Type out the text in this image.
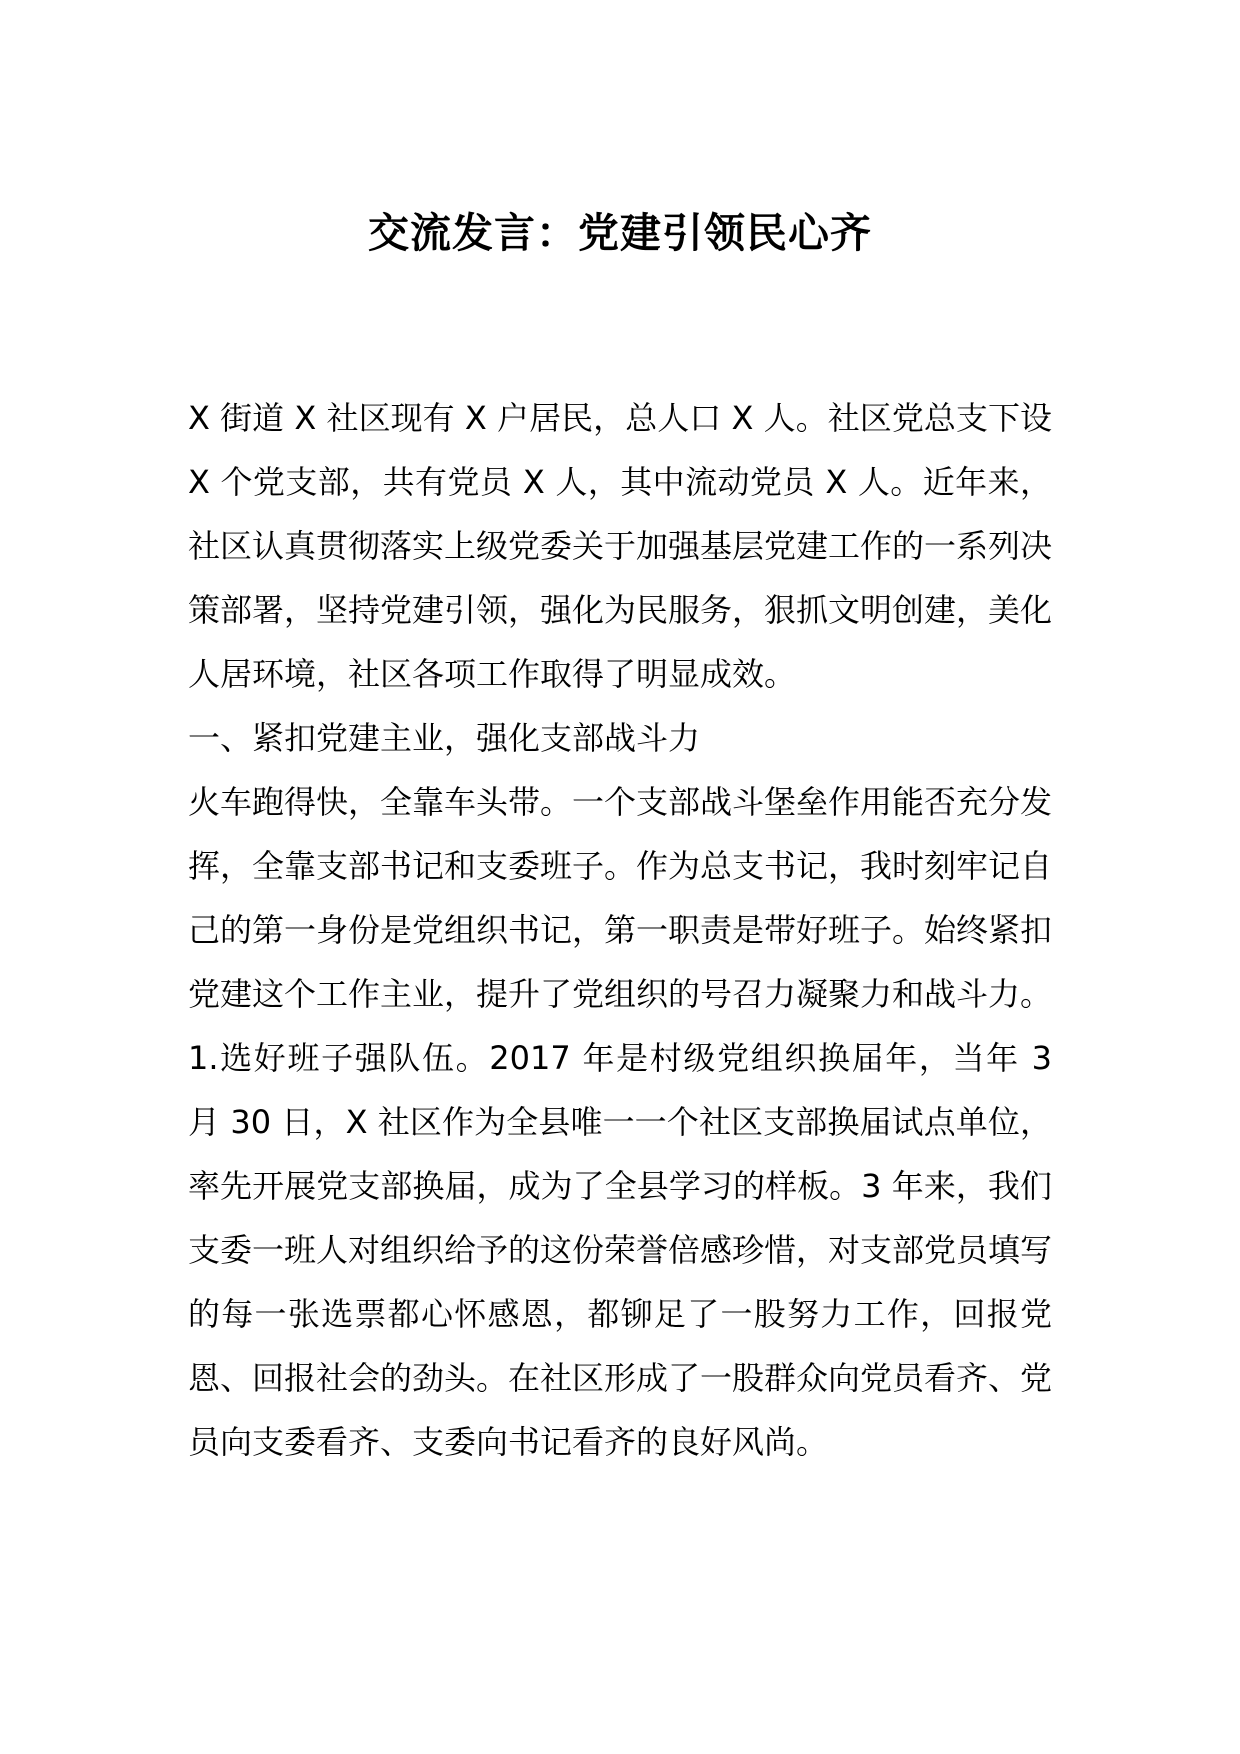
交流发言：党建引领民心齐

X 街道 X 社区现有 X 户居民，总人口 X 人。社区党总支下设 X 个党支部，共有党员 X 人，其中流动党员 X 人。近年来，社区认真贯彻落实上级党委关于加强基层党建工作的一系列决策部署，坚持党建引领，强化为民服务，狠抓文明创建，美化人居环境，社区各项工作取得了明显成效。

一、紧扣党建主业，强化支部战斗力

火车跑得快，全靠车头带。一个支部战斗堡垒作用能否充分发挥，全靠支部书记和支委班子。作为总支书记，我时刻牢记自己的第一身份是党组织书记，第一职责是带好班子。始终紧扣党建这个工作主业，提升了党组织的号召力凝聚力和战斗力。

1.选好班子强队伍。2017 年是村级党组织换届年，当年 3 月 30 日，X 社区作为全县唯一一个社区支部换届试点单位，率先开展党支部换届，成为了全县学习的样板。3 年来，我们支委一班人对组织给予的这份荣誉倍感珍惜，对支部党员填写的每一张选票都心怀感恩，都铆足了一股努力工作，回报党恩、回报社会的劲头。在社区形成了一股群众向党员看齐、党员向支委看齐、支委向书记看齐的良好风尚。
